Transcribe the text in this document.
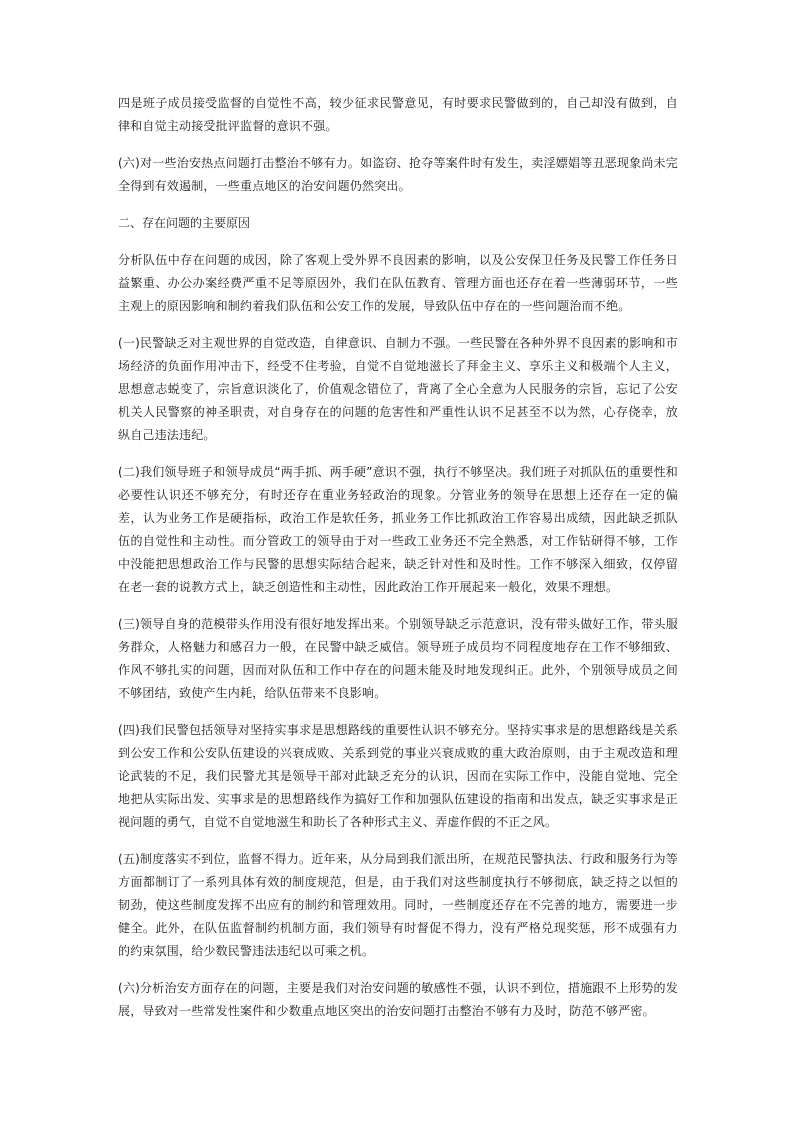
四是班子成员接受监督的自觉性不高，较少征求民警意见，有时要求民警做到的，自己却没有做到，自律和自觉主动接受批评监督的意识不强。

(六)对一些治安热点问题打击整治不够有力。如盗窃、抢夺等案件时有发生，卖淫嫖娼等丑恶现象尚未完全得到有效遏制，一些重点地区的治安问题仍然突出。

二、存在问题的主要原因

分析队伍中存在问题的成因，除了客观上受外界不良因素的影响，以及公安保卫任务及民警工作任务日益繁重、办公办案经费严重不足等原因外，我们在队伍教育、管理方面也还存在着一些薄弱环节，一些主观上的原因影响和制约着我们队伍和公安工作的发展，导致队伍中存在的一些问题治而不绝。

(一)民警缺乏对主观世界的自觉改造，自律意识、自制力不强。一些民警在各种外界不良因素的影响和市场经济的负面作用冲击下，经受不住考验，自觉不自觉地滋长了拜金主义、享乐主义和极端个人主义，思想意志蜕变了，宗旨意识淡化了，价值观念错位了，背离了全心全意为人民服务的宗旨，忘记了公安机关人民警察的神圣职责，对自身存在的问题的危害性和严重性认识不足甚至不以为然，心存侥幸，放纵自己违法违纪。

(二)我们领导班子和领导成员“两手抓、两手硬”意识不强，执行不够坚决。我们班子对抓队伍的重要性和必要性认识还不够充分，有时还存在重业务轻政治的现象。分管业务的领导在思想上还存在一定的偏差，认为业务工作是硬指标，政治工作是软任务，抓业务工作比抓政治工作容易出成绩，因此缺乏抓队伍的自觉性和主动性。而分管政工的领导由于对一些政工业务还不完全熟悉，对工作钻研得不够，工作中没能把思想政治工作与民警的思想实际结合起来，缺乏针对性和及时性。工作不够深入细致，仅停留在老一套的说教方式上，缺乏创造性和主动性，因此政治工作开展起来一般化，效果不理想。

(三)领导自身的范模带头作用没有很好地发挥出来。个别领导缺乏示范意识，没有带头做好工作，带头服务群众，人格魅力和感召力一般，在民警中缺乏威信。领导班子成员均不同程度地存在工作不够细致、作风不够扎实的问题，因而对队伍和工作中存在的问题未能及时地发现纠正。此外，个别领导成员之间不够团结，致使产生内耗，给队伍带来不良影响。

(四)我们民警包括领导对坚持实事求是思想路线的重要性认识不够充分。坚持实事求是的思想路线是关系到公安工作和公安队伍建设的兴衰成败、关系到党的事业兴衰成败的重大政治原则，由于主观改造和理论武装的不足，我们民警尤其是领导干部对此缺乏充分的认识，因而在实际工作中，没能自觉地、完全地把从实际出发、实事求是的思想路线作为搞好工作和加强队伍建设的指南和出发点，缺乏实事求是正视问题的勇气，自觉不自觉地滋生和助长了各种形式主义、弄虚作假的不正之风。

(五)制度落实不到位，监督不得力。近年来，从分局到我们派出所，在规范民警执法、行政和服务行为等方面都制订了一系列具体有效的制度规范，但是，由于我们对这些制度执行不够彻底，缺乏持之以恒的韧劲，使这些制度发挥不出应有的制约和管理效用。同时，一些制度还存在不完善的地方，需要进一步健全。此外，在队伍监督制约机制方面，我们领导有时督促不得力，没有严格兑现奖惩，形不成强有力的约束氛围，给少数民警违法违纪以可乘之机。

(六)分析治安方面存在的问题，主要是我们对治安问题的敏感性不强，认识不到位，措施跟不上形势的发展，导致对一些常发性案件和少数重点地区突出的治安问题打击整治不够有力及时，防范不够严密。
